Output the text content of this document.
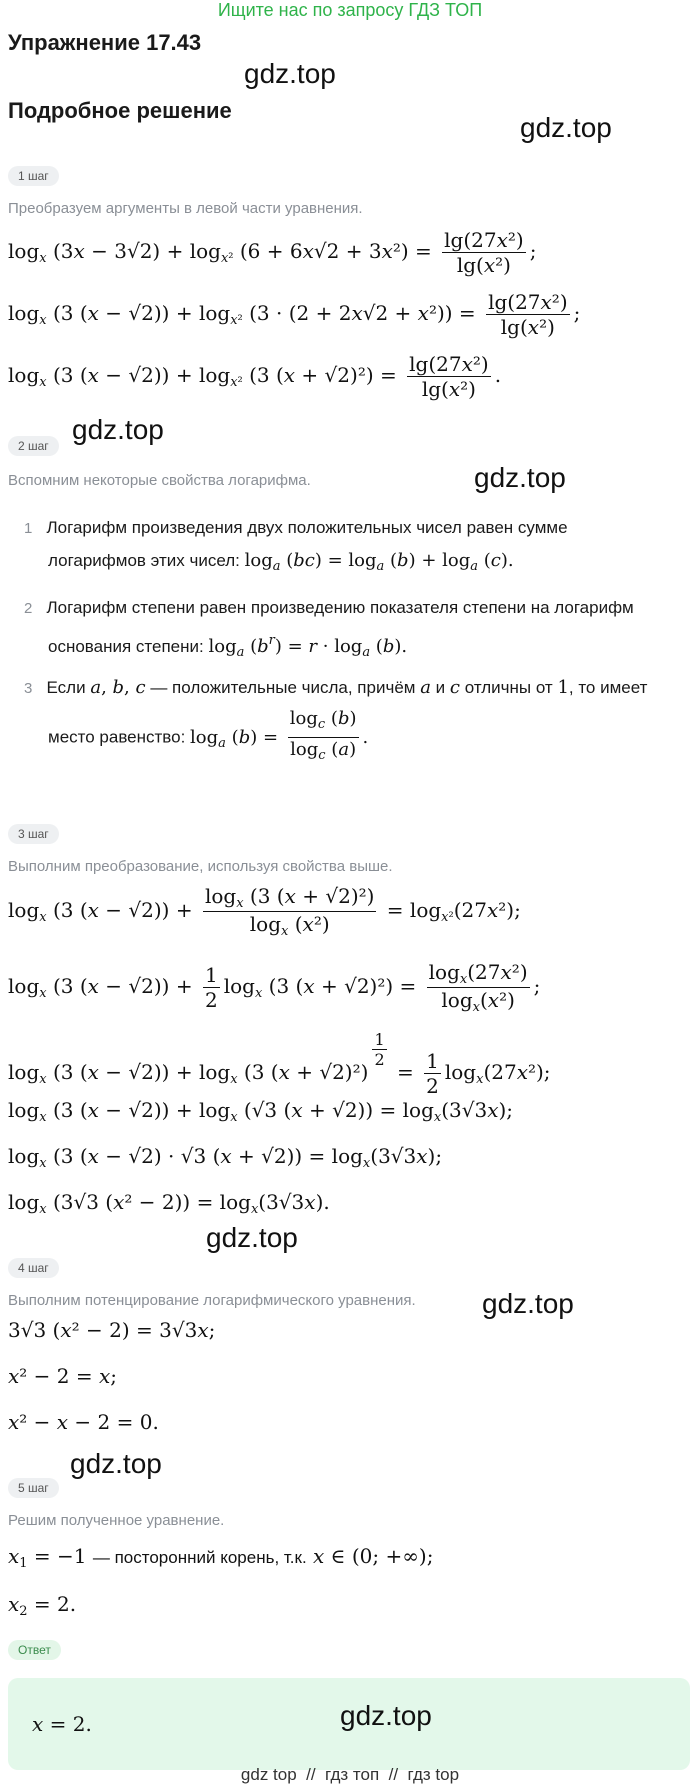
Ищите нас по запросу ГДЗ ТОП
Упражнение 17.43
gdz.top
Подробное решение
gdz.top
1 шаг
Преобразуем аргументы в левой части уравнения.
$\log_x (3x - 3√2) + \log_{x^2} (6 + 6x√2 + 3x^2) = \frac{\text{lg(27x²)}}{\text{lg(x²)}}$ ;
$\log_x (3$ $(x - √2)) + \log_{x^2} (3 \cdot (2 + 2x√2 + x^2)) = \frac{\text{lg(27x²)}}{\text{lg(x²)}}$ ;
$\log_x (3$ $(x - √2)) + \log_{x^2} (3$ $(x + √2)^2) = \frac{\text{lg(27x²)}}{\text{lg(x²)}}$ .
gdz.top
2 шаг
gdz.top
Вспомним некоторые свойства логарифма.
1 Логарифм произведения двух положительных чисел равен сумме
логарифмов этих чисел: $\log_a (bc) = \log_a (b) + \log_a (c)$.
2 Логарифм степени равен произведению показателя степени на логарифм
основания степени: $\log_a (b^r) = r \cdot \log_a (b)$.
3 Если a, b, c — положительные числа, причём a и c отличны от 1, то имеет
место равенство: $\log_a (b) = \frac{\log_c (b)}{\log_c (a)}$ .
3 шаг
Выполним преобразование, используя свойства выше.
$\log_x (3$ $(x - √2)) + \frac{\log_x (3 (x + √2)^2)}{\log_x (x^2)} = \log_{x^2}(27x^2)$;
$\log_x (3$ $(x - √2)) + \frac{1}{2} \log_x (3$ $(x + √2)^2) = \frac{\log_x(27x^2)}{\log_x(x^2)}$ ;
$\log_x (3$ $(x - √2)) + \log_x (3$ (x + √2)²)
$\frac{1}{2}$
= $\frac{1}{2} \log_x(27x^2)$;
$\log_x (3$ $(x - √2)) + \log_x (√3$ $(x + √2)) = \log_x(3√3x)$;
$\log_x (3$ (x − √2) · √3 $(x + √2)) = \log_x(3√3x)$;
$\log_x (3√3$ $(x^2 - 2)) = \log_x(3√3x)$.
gdz.top
4 шаг
gdz.top
Выполним потенцирование логарифмического уравнения.
3√3 (x² − 2) = 3√3x;
x² − 2 = x;
x² − x − 2 = 0.
gdz.top
5 шаг
Решим полученное уравнение.
$x_1 = -1$ — посторонний корень, т.к. x ∈ (0; +∞);
$x_2 = 2$.
Ответ
x = 2.	gdz.top
gdz top // гдз топ // гдз top
